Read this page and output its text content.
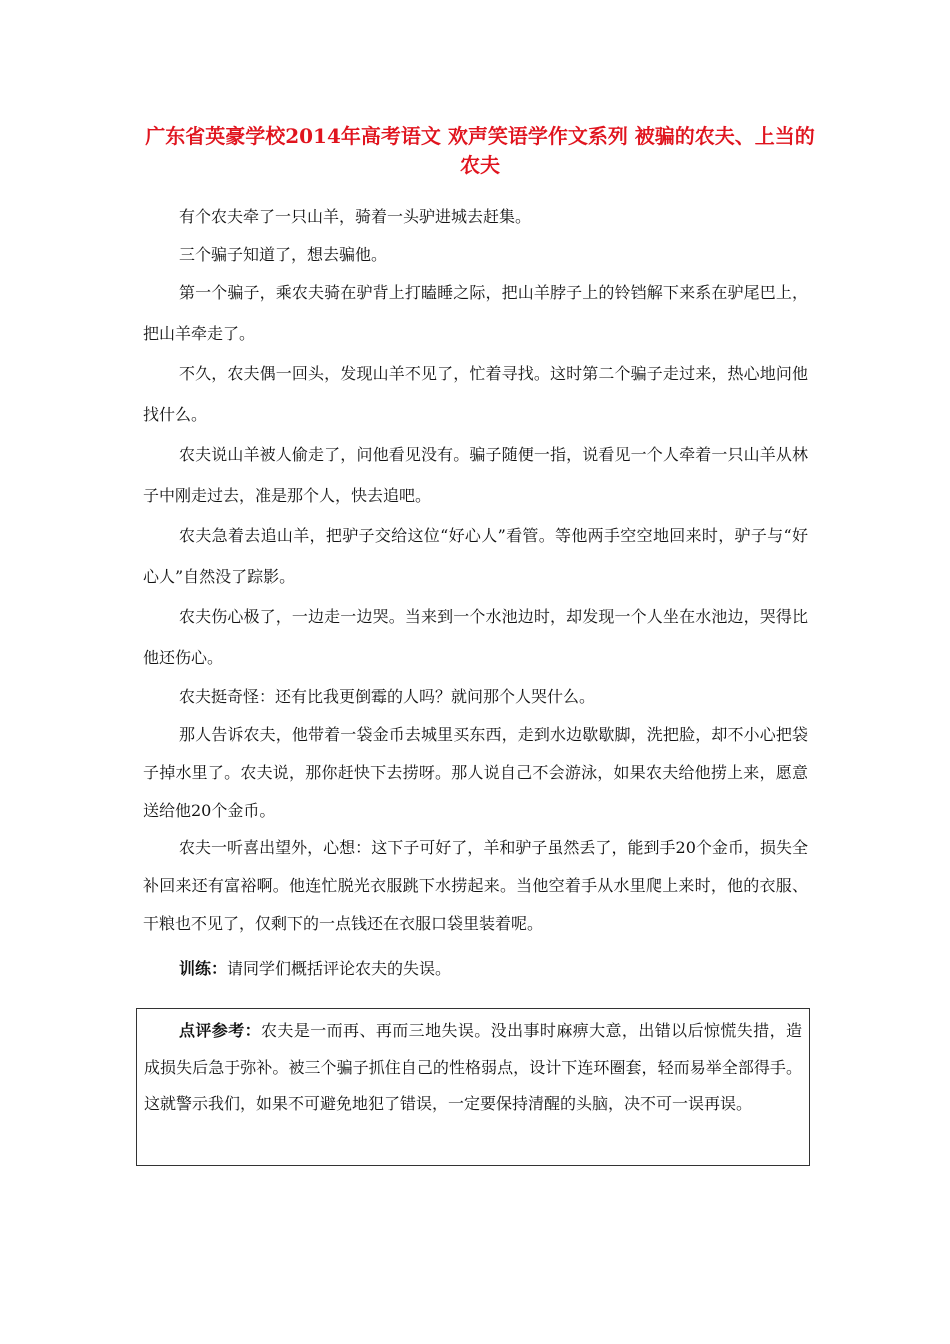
广东省英豪学校2014年高考语文 欢声笑语学作文系列 被骗的农夫、上当的农夫

有个农夫牵了一只山羊，骑着一头驴进城去赶集。

三个骗子知道了，想去骗他。

第一个骗子，乘农夫骑在驴背上打瞌睡之际，把山羊脖子上的铃铛解下来系在驴尾巴上，把山羊牵走了。

不久，农夫偶一回头，发现山羊不见了，忙着寻找。这时第二个骗子走过来，热心地问他找什么。

农夫说山羊被人偷走了，问他看见没有。骗子随便一指，说看见一个人牵着一只山羊从林子中刚走过去，准是那个人，快去追吧。

农夫急着去追山羊，把驴子交给这位“好心人”看管。等他两手空空地回来时，驴子与“好心人”自然没了踪影。

农夫伤心极了，一边走一边哭。当来到一个水池边时，却发现一个人坐在水池边，哭得比他还伤心。

农夫挺奇怪：还有比我更倒霉的人吗？就问那个人哭什么。

那人告诉农夫，他带着一袋金币去城里买东西，走到水边歇歇脚，洗把脸，却不小心把袋子掉水里了。农夫说，那你赶快下去捞呀。那人说自己不会游泳，如果农夫给他捞上来，愿意送给他20个金币。

农夫一听喜出望外，心想：这下子可好了，羊和驴子虽然丢了，能到手20个金币，损失全补回来还有富裕啊。他连忙脱光衣服跳下水捞起来。当他空着手从水里爬上来时，他的衣服、干粮也不见了，仅剩下的一点钱还在衣服口袋里装着呢。

训练：请同学们概括评论农夫的失误。

点评参考：农夫是一而再、再而三地失误。没出事时麻痹大意，出错以后惊慌失措，造成损失后急于弥补。被三个骗子抓住自己的性格弱点，设计下连环圈套，轻而易举全部得手。这就警示我们，如果不可避免地犯了错误，一定要保持清醒的头脑，决不可一误再误。
